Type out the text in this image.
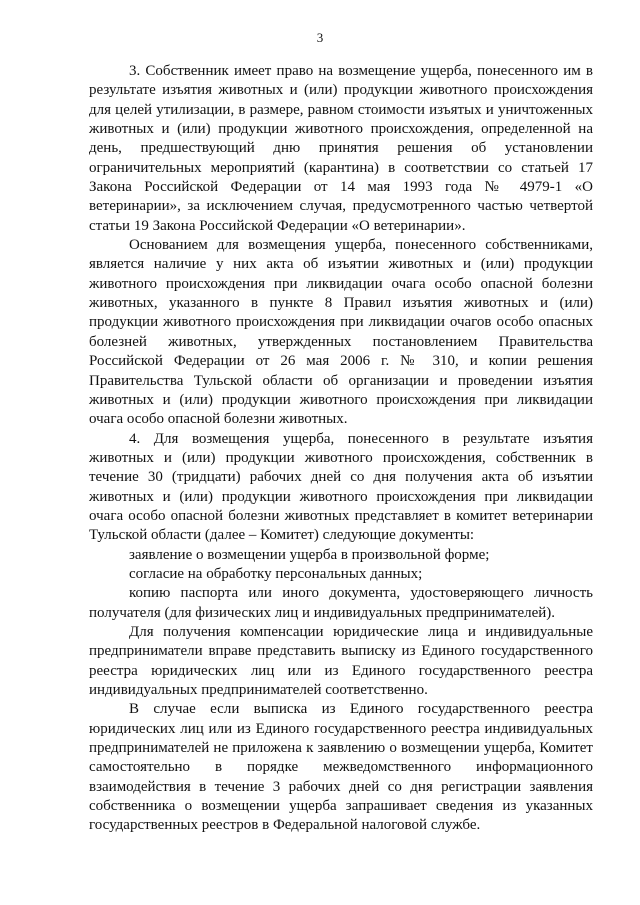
3

3. Собственник имеет право на возмещение ущерба, понесенного им в результате изъятия животных и (или) продукции животного происхождения для целей утилизации, в размере, равном стоимости изъятых и уничтоженных животных и (или) продукции животного происхождения, определенной на день, предшествующий дню принятия решения об установлении ограничительных мероприятий (карантина) в соответствии со статьей 17 Закона Российской Федерации от 14 мая 1993 года № 4979-1 «О ветеринарии», за исключением случая, предусмотренного частью четвертой статьи 19 Закона Российской Федерации «О ветеринарии».

Основанием для возмещения ущерба, понесенного собственниками, является наличие у них акта об изъятии животных и (или) продукции животного происхождения при ликвидации очага особо опасной болезни животных, указанного в пункте 8 Правил изъятия животных и (или) продукции животного происхождения при ликвидации очагов особо опасных болезней животных, утвержденных постановлением Правительства Российской Федерации от 26 мая 2006 г. № 310, и копии решения Правительства Тульской области об организации и проведении изъятия животных и (или) продукции животного происхождения при ликвидации очага особо опасной болезни животных.

4. Для возмещения ущерба, понесенного в результате изъятия животных и (или) продукции животного происхождения, собственник в течение 30 (тридцати) рабочих дней со дня получения акта об изъятии животных и (или) продукции животного происхождения при ликвидации очага особо опасной болезни животных представляет в комитет ветеринарии Тульской области (далее – Комитет) следующие документы:

заявление о возмещении ущерба в произвольной форме;

согласие на обработку персональных данных;

копию паспорта или иного документа, удостоверяющего личность получателя (для физических лиц и индивидуальных предпринимателей).

Для получения компенсации юридические лица и индивидуальные предприниматели вправе представить выписку из Единого государственного реестра юридических лиц или из Единого государственного реестра индивидуальных предпринимателей соответственно.

В случае если выписка из Единого государственного реестра юридических лиц или из Единого государственного реестра индивидуальных предпринимателей не приложена к заявлению о возмещении ущерба, Комитет самостоятельно в порядке межведомственного информационного взаимодействия в течение 3 рабочих дней со дня регистрации заявления собственника о возмещении ущерба запрашивает сведения из указанных государственных реестров в Федеральной налоговой службе.
